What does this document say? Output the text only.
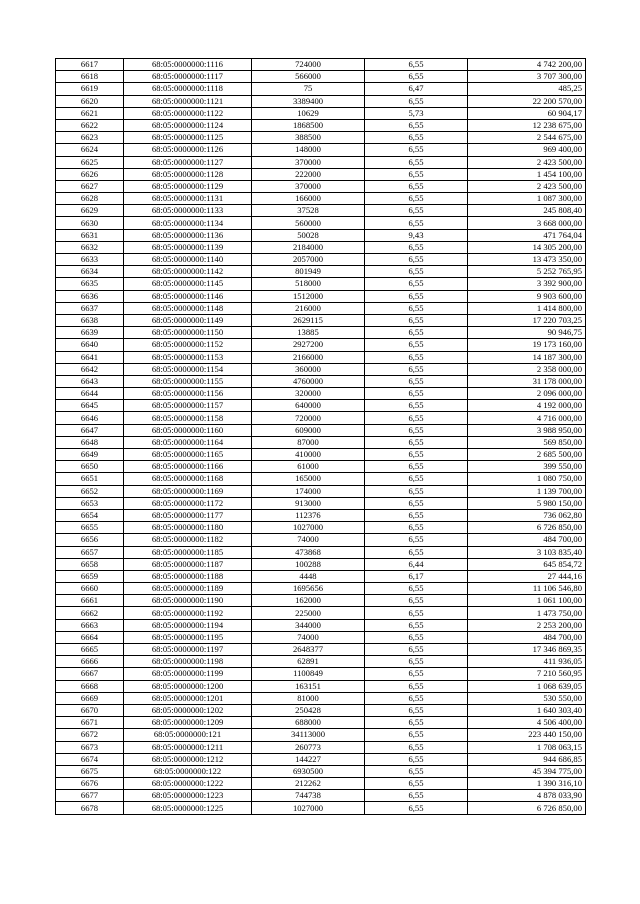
6617	68:05:0000000:1116	724000	6,55	4 742 200,00
6618	68:05:0000000:1117	566000	6,55	3 707 300,00
6619	68:05:0000000:1118	75	6,47	485,25
6620	68:05:0000000:1121	3389400	6,55	22 200 570,00
6621	68:05:0000000:1122	10629	5,73	60 904,17
6622	68:05:0000000:1124	1868500	6,55	12 238 675,00
6623	68:05:0000000:1125	388500	6,55	2 544 675,00
6624	68:05:0000000:1126	148000	6,55	969 400,00
6625	68:05:0000000:1127	370000	6,55	2 423 500,00
6626	68:05:0000000:1128	222000	6,55	1 454 100,00
6627	68:05:0000000:1129	370000	6,55	2 423 500,00
6628	68:05:0000000:1131	166000	6,55	1 087 300,00
6629	68:05:0000000:1133	37528	6,55	245 808,40
6630	68:05:0000000:1134	560000	6,55	3 668 000,00
6631	68:05:0000000:1136	50028	9,43	471 764,04
6632	68:05:0000000:1139	2184000	6,55	14 305 200,00
6633	68:05:0000000:1140	2057000	6,55	13 473 350,00
6634	68:05:0000000:1142	801949	6,55	5 252 765,95
6635	68:05:0000000:1145	518000	6,55	3 392 900,00
6636	68:05:0000000:1146	1512000	6,55	9 903 600,00
6637	68:05:0000000:1148	216000	6,55	1 414 800,00
6638	68:05:0000000:1149	2629115	6,55	17 220 703,25
6639	68:05:0000000:1150	13885	6,55	90 946,75
6640	68:05:0000000:1152	2927200	6,55	19 173 160,00
6641	68:05:0000000:1153	2166000	6,55	14 187 300,00
6642	68:05:0000000:1154	360000	6,55	2 358 000,00
6643	68:05:0000000:1155	4760000	6,55	31 178 000,00
6644	68:05:0000000:1156	320000	6,55	2 096 000,00
6645	68:05:0000000:1157	640000	6,55	4 192 000,00
6646	68:05:0000000:1158	720000	6,55	4 716 000,00
6647	68:05:0000000:1160	609000	6,55	3 988 950,00
6648	68:05:0000000:1164	87000	6,55	569 850,00
6649	68:05:0000000:1165	410000	6,55	2 685 500,00
6650	68:05:0000000:1166	61000	6,55	399 550,00
6651	68:05:0000000:1168	165000	6,55	1 080 750,00
6652	68:05:0000000:1169	174000	6,55	1 139 700,00
6653	68:05:0000000:1172	913000	6,55	5 980 150,00
6654	68:05:0000000:1177	112376	6,55	736 062,80
6655	68:05:0000000:1180	1027000	6,55	6 726 850,00
6656	68:05:0000000:1182	74000	6,55	484 700,00
6657	68:05:0000000:1185	473868	6,55	3 103 835,40
6658	68:05:0000000:1187	100288	6,44	645 854,72
6659	68:05:0000000:1188	4448	6,17	27 444,16
6660	68:05:0000000:1189	1695656	6,55	11 106 546,80
6661	68:05:0000000:1190	162000	6,55	1 061 100,00
6662	68:05:0000000:1192	225000	6,55	1 473 750,00
6663	68:05:0000000:1194	344000	6,55	2 253 200,00
6664	68:05:0000000:1195	74000	6,55	484 700,00
6665	68:05:0000000:1197	2648377	6,55	17 346 869,35
6666	68:05:0000000:1198	62891	6,55	411 936,05
6667	68:05:0000000:1199	1100849	6,55	7 210 560,95
6668	68:05:0000000:1200	163151	6,55	1 068 639,05
6669	68:05:0000000:1201	81000	6,55	530 550,00
6670	68:05:0000000:1202	250428	6,55	1 640 303,40
6671	68:05:0000000:1209	688000	6,55	4 506 400,00
6672	68:05:0000000:121	34113000	6,55	223 440 150,00
6673	68:05:0000000:1211	260773	6,55	1 708 063,15
6674	68:05:0000000:1212	144227	6,55	944 686,85
6675	68:05:0000000:122	6930500	6,55	45 394 775,00
6676	68:05:0000000:1222	212262	6,55	1 390 316,10
6677	68:05:0000000:1223	744738	6,55	4 878 033,90
6678	68:05:0000000:1225	1027000	6,55	6 726 850,00
